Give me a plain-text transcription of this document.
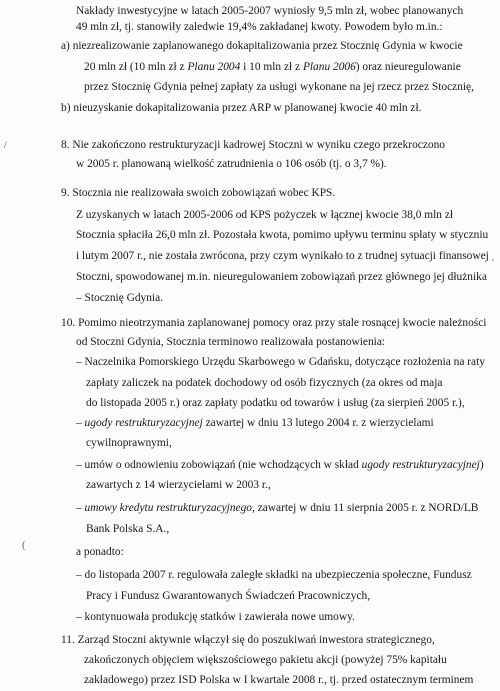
Nakłady inwestycyjne w latach 2005-2007 wyniosły 9,5 mln zł, wobec planowanych
49 mln zł, tj. stanowiły zaledwie 19,4% zakładanej kwoty. Powodem było m.in.:
a) niezrealizowanie zaplanowanego dokapitalizowania przez Stocznię Gdynia w kwocie
20 mln zł (10 mln zł z Planu 2004 i 10 mln zł z Planu 2006) oraz nieuregulowanie
przez Stocznię Gdynia pełnej zapłaty za usługi wykonane na jej rzecz przez Stocznię,
b) nieuzyskanie dokapitalizowania przez ARP w planowanej kwocie 40 mln zł.
8. Nie zakończono restrukturyzacji kadrowej Stoczni w wyniku czego przekroczono
w 2005 r. planowaną wielkość zatrudnienia o 106 osób (tj. o 3,7 %).
9. Stocznia nie realizowała swoich zobowiązań wobec KPS.
Z uzyskanych w latach 2005-2006 od KPS pożyczek w łącznej kwocie 38,0 mln zł
Stocznia spłaciła 26,0 mln zł. Pozostała kwota, pomimo upływu terminu spłaty w styczniu
i lutym 2007 r., nie została zwrócona, przy czym wynikało to z trudnej sytuacji finansowej
Stoczni, spowodowanej m.in. nieuregulowaniem zobowiązań przez głównego jej dłużnika
– Stocznię Gdynia.
10. Pomimo nieotrzymania zaplanowanej pomocy oraz przy stale rosnącej kwocie należności
od Stoczni Gdynia, Stocznia terminowo realizowała postanowienia:
– Naczelnika Pomorskiego Urzędu Skarbowego w Gdańsku, dotyczące rozłożenia na raty
zapłaty zaliczek na podatek dochodowy od osób fizycznych (za okres od maja
do listopada 2005 r.) oraz zapłaty podatku od towarów i usług (za sierpień 2005 r.),
– ugody restrukturyzacyjnej zawartej w dniu 13 lutego 2004 r. z wierzycielami
cywilnoprawnymi,
– umów o odnowieniu zobowiązań (nie wchodzących w skład ugody restrukturyzacyjnej)
zawartych z 14 wierzycielami w 2003 r.,
– umowy kredytu restrukturyzacyjnego, zawartej w dniu 11 sierpnia 2005 r. z NORD/LB
Bank Polska S.A.,
a ponadto:
– do listopada 2007 r. regulowała zaległe składki na ubezpieczenia społeczne, Fundusz
Pracy i Fundusz Gwarantowanych Świadczeń Pracowniczych,
– kontynuowała produkcję statków i zawierała nowe umowy.
11. Zarząd Stoczni aktywnie włączył się do poszukiwań inwestora strategicznego,
zakończonych objęciem większościowego pakietu akcji (powyżej 75% kapitału
zakładowego) przez ISD Polska w I kwartale 2008 r., tj. przed ostatecznym terminem
/
'
(
